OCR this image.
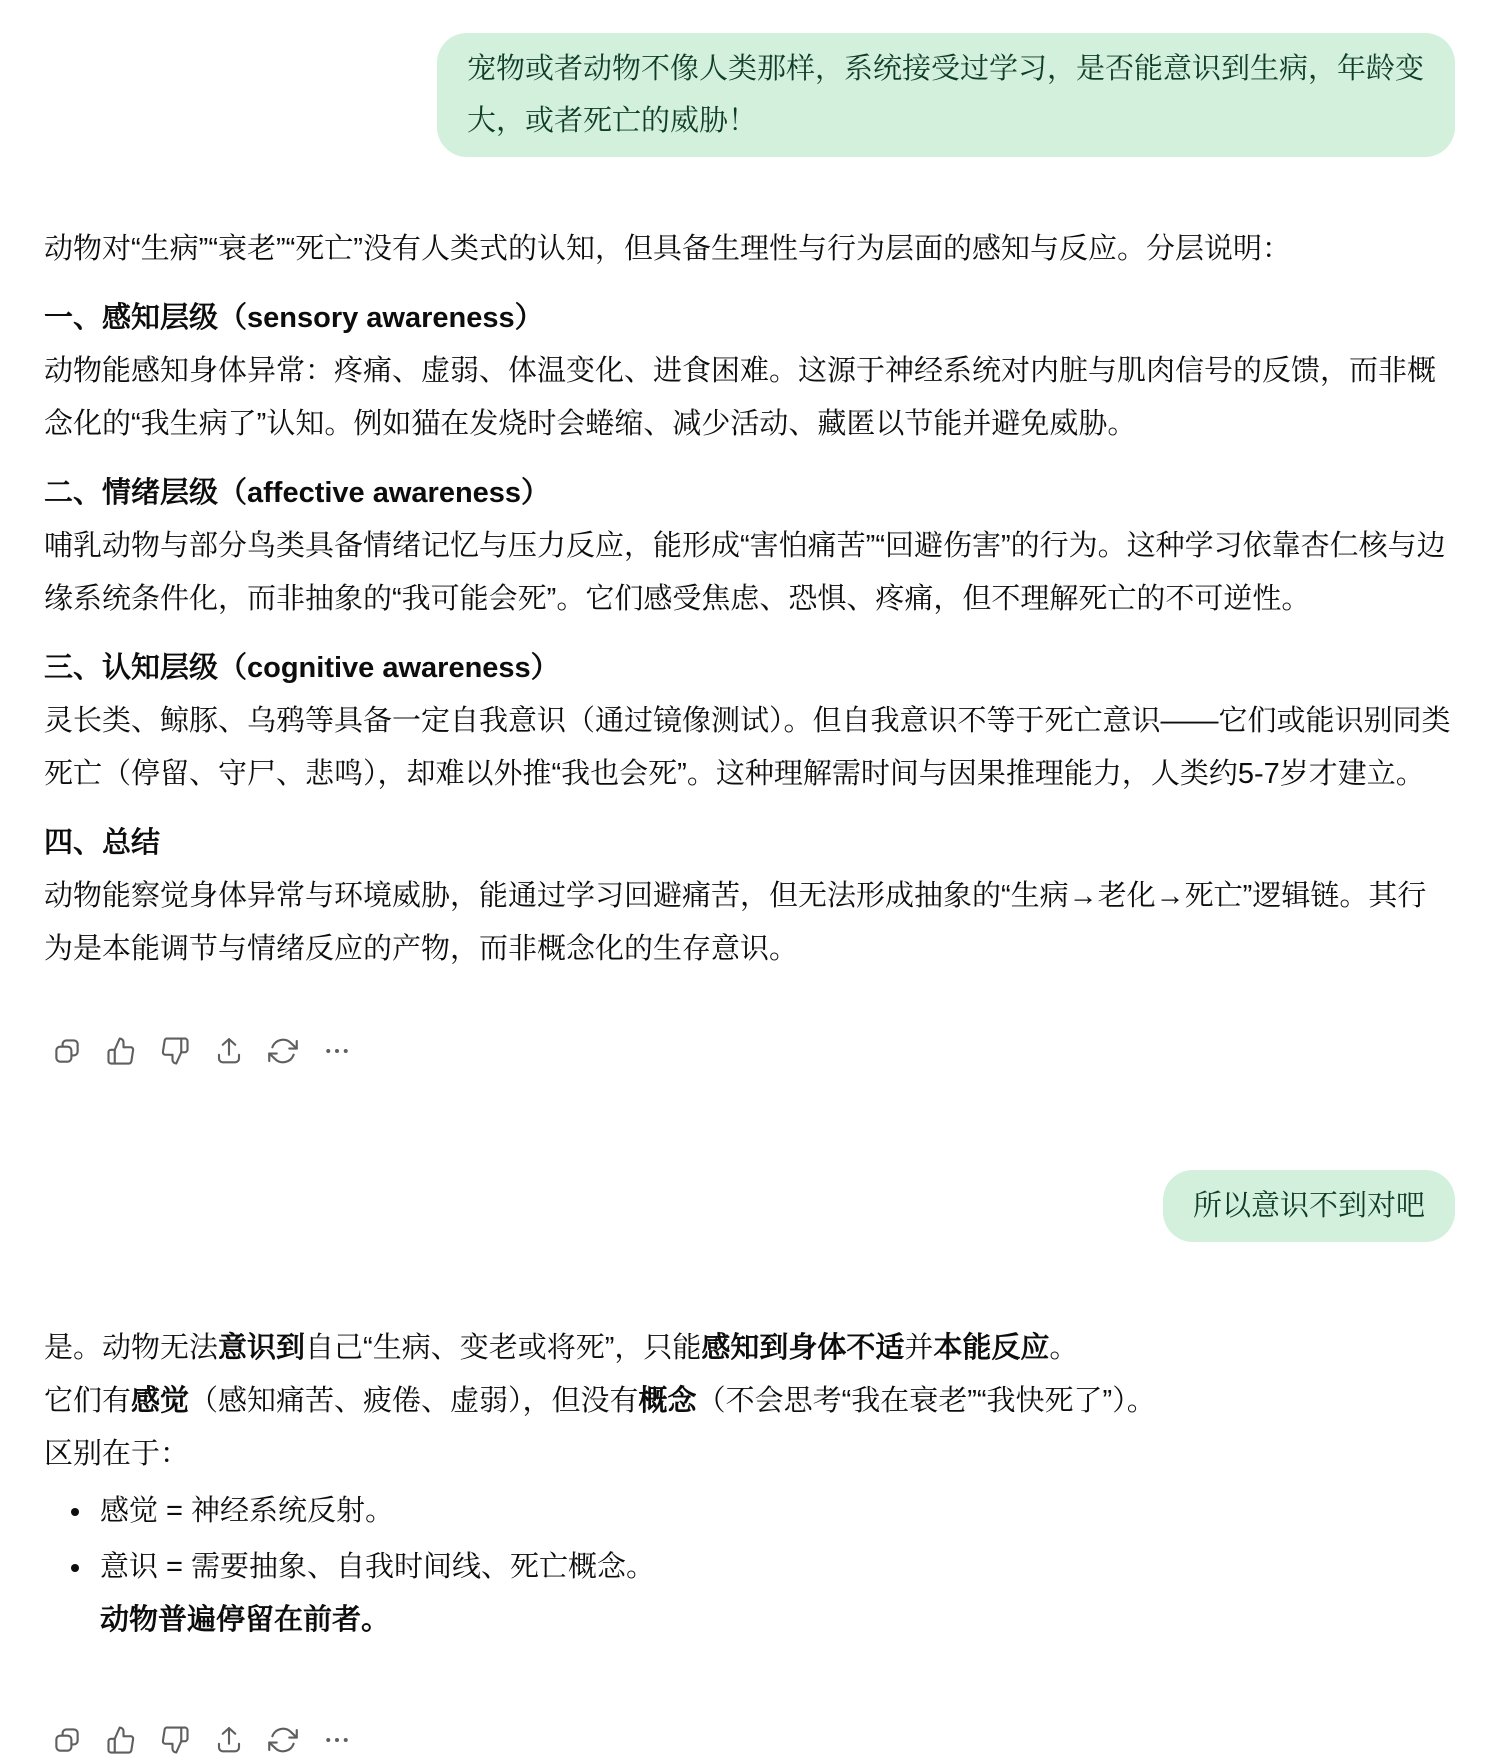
宠物或者动物不像人类那样，系统接受过学习，是否能意识到生病，年龄变大，或者死亡的威胁！

动物对“生病”“衰老”“死亡”没有人类式的认知，但具备生理性与行为层面的感知与反应。分层说明：

一、感知层级（sensory awareness）

动物能感知身体异常：疼痛、虚弱、体温变化、进食困难。这源于神经系统对内脏与肌肉信号的反馈，而非概念化的“我生病了”认知。例如猫在发烧时会蜷缩、减少活动、藏匿以节能并避免威胁。

二、情绪层级（affective awareness）

哺乳动物与部分鸟类具备情绪记忆与压力反应，能形成“害怕痛苦”“回避伤害”的行为。这种学习依靠杏仁核与边缘系统条件化，而非抽象的“我可能会死”。它们感受焦虑、恐惧、疼痛，但不理解死亡的不可逆性。

三、认知层级（cognitive awareness）

灵长类、鲸豚、乌鸦等具备一定自我意识（通过镜像测试）。但自我意识不等于死亡意识——它们或能识别同类死亡（停留、守尸、悲鸣），却难以外推“我也会死”。这种理解需时间与因果推理能力，人类约5-7岁才建立。

四、总结

动物能察觉身体异常与环境威胁，能通过学习回避痛苦，但无法形成抽象的“生病→老化→死亡”逻辑链。其行为是本能调节与情绪反应的产物，而非概念化的生存意识。

所以意识不到对吧

是。动物无法意识到自己“生病、变老或将死”，只能感知到身体不适并本能反应。

它们有感觉（感知痛苦、疲倦、虚弱），但没有概念（不会思考“我在衰老”“我快死了”）。

区别在于：

感觉 = 神经系统反射。
意识 = 需要抽象、自我时间线、死亡概念。

动物普遍停留在前者。
